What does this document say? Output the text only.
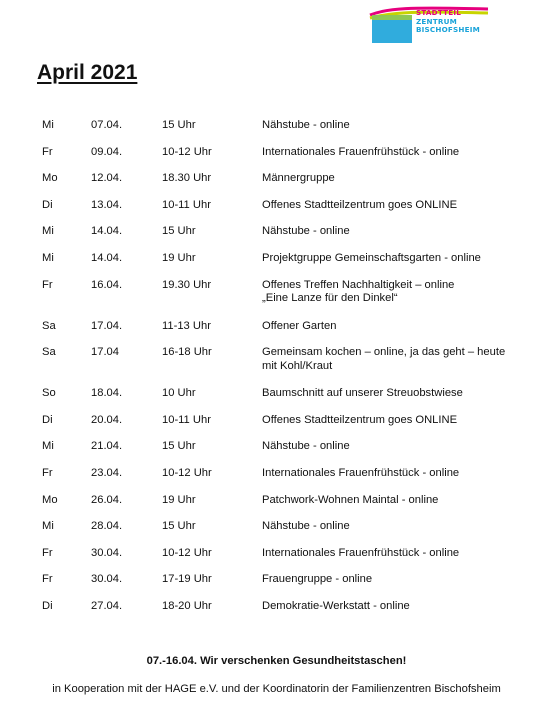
STADTTEIL
ZENTRUM
BISCHOFSHEIM
April 2021
Mi	07.04.	15 Uhr	Nähstube - online
Fr	09.04.	10-12 Uhr	Internationales Frauenfrühstück - online
Mo	12.04.	18.30 Uhr	Männergruppe
Di	13.04.	10-11 Uhr	Offenes Stadtteilzentrum goes ONLINE
Mi	14.04.	15 Uhr	Nähstube - online
Mi	14.04.	19 Uhr	Projektgruppe Gemeinschaftsgarten - online
Fr	16.04.	19.30 Uhr	Offenes Treffen Nachhaltigkeit – online
„Eine Lanze für den Dinkel“
Sa	17.04.	11-13 Uhr	Offener Garten
Sa	17.04	16-18 Uhr	Gemeinsam kochen – online, ja das geht – heute
mit Kohl/Kraut
So	18.04.	10 Uhr	Baumschnitt auf unserer Streuobstwiese
Di	20.04.	10-11 Uhr	Offenes Stadtteilzentrum goes ONLINE
Mi	21.04.	15 Uhr	Nähstube - online
Fr	23.04.	10-12 Uhr	Internationales Frauenfrühstück - online
Mo	26.04.	19 Uhr	Patchwork-Wohnen Maintal - online
Mi	28.04.	15 Uhr	Nähstube - online
Fr	30.04.	10-12 Uhr	Internationales Frauenfrühstück - online
Fr	30.04.	17-19 Uhr	Frauengruppe - online
Di	27.04.	18-20 Uhr	Demokratie-Werkstatt - online
07.-16.04. Wir verschenken Gesundheitstaschen!
in Kooperation mit der HAGE e.V. und der Koordinatorin der Familienzentren Bischofsheim
